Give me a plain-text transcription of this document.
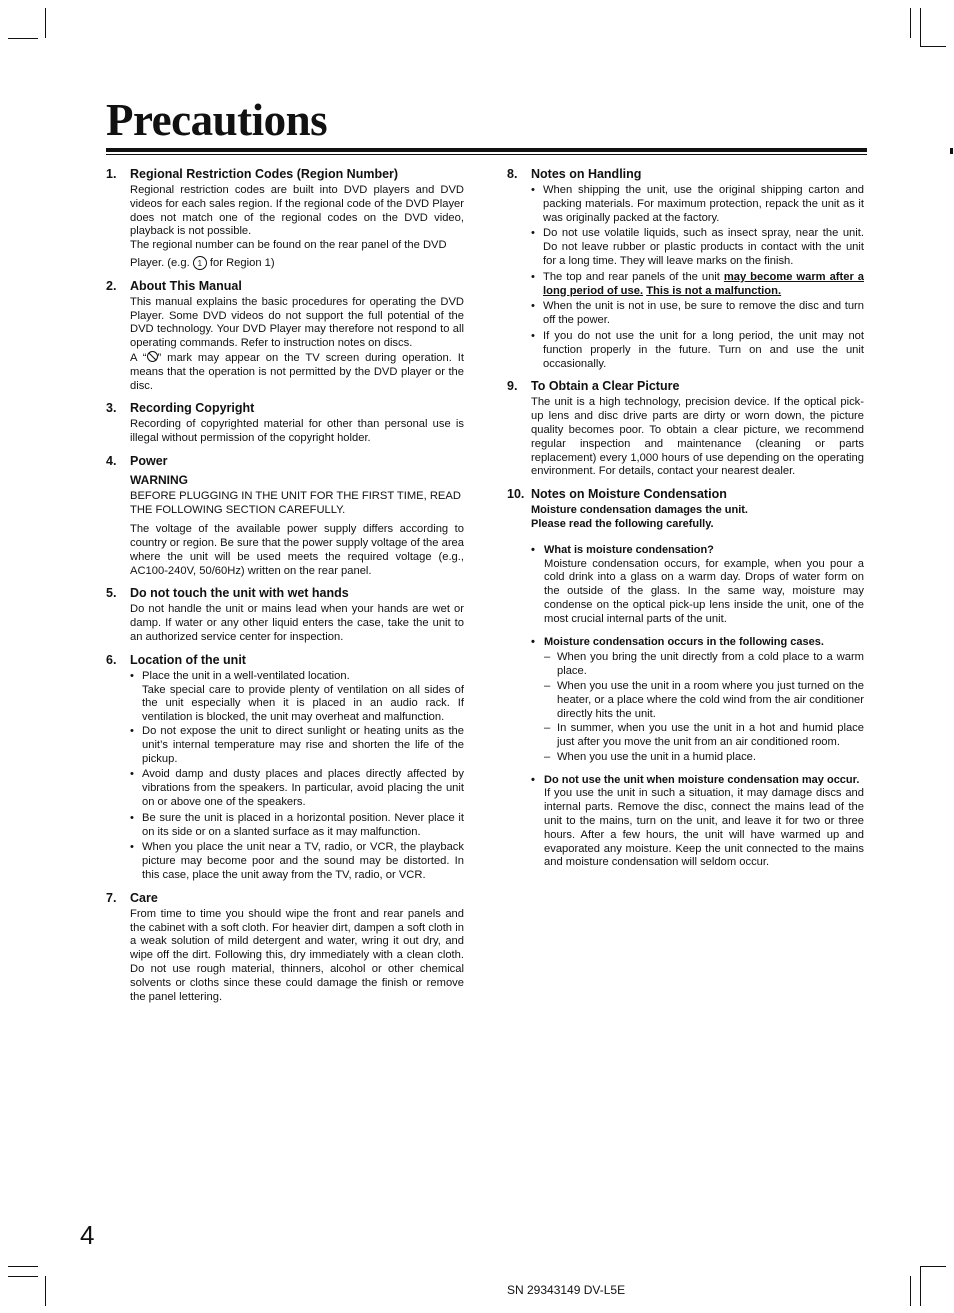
Precautions
1.	Regional Restriction Codes (Region Number)

Regional restriction codes are built into DVD players and DVD videos for each sales region. If the regional code of the DVD Player does not match one of the regional codes on the DVD video, playback is not possible.

The regional number can be found on the rear panel of the DVD

Player. (e.g. 1 for Region 1)

2.	About This Manual

This manual explains the basic procedures for operating the DVD Player. Some DVD videos do not support the full potential of the DVD technology. Your DVD Player may therefore not respond to all operating commands. Refer to instruction notes on discs.

A “ ” mark may appear on the TV screen during operation. It means that the operation is not permitted by the DVD player or the disc.

3.	Recording Copyright

Recording of copyrighted material for other than personal use is illegal without permission of the copyright holder.

4.	Power
WARNING
BEFORE PLUGGING IN THE UNIT FOR THE FIRST TIME, READ THE FOLLOWING SECTION CAREFULLY.

The voltage of the available power supply differs according to country or region. Be sure that the power supply voltage of the area where the unit will be used meets the required voltage (e.g., AC100-240V, 50/60Hz) written on the rear panel.

5.	Do not touch the unit with wet hands

Do not handle the unit or mains lead when your hands are wet or damp. If water or any other liquid enters the case, take the unit to an authorized service center for inspection.

6.	Location of the unit
• Place the unit in a well-ventilated location.
Take special care to provide plenty of ventilation on all sides of the unit especially when it is placed in an audio rack. If ventilation is blocked, the unit may overheat and malfunction.
• Do not expose the unit to direct sunlight or heating units as the unit’s internal temperature may rise and shorten the life of the pickup.
• Avoid damp and dusty places and places directly affected by vibrations from the speakers. In particular, avoid placing the unit on or above one of the speakers.
• Be sure the unit is placed in a horizontal position. Never place it on its side or on a slanted surface as it may malfunction.
• When you place the unit near a TV, radio, or VCR, the playback picture may become poor and the sound may be distorted. In this case, place the unit away from the TV, radio, or VCR.
7.	Care

From time to time you should wipe the front and rear panels and the cabinet with a soft cloth. For heavier dirt, dampen a soft cloth in a weak solution of mild detergent and water, wring it out dry, and wipe off the dirt. Following this, dry immediately with a clean cloth. Do not use rough material, thinners, alcohol or other chemical solvents or cloths since these could damage the finish or remove the panel lettering.

8.	Notes on Handling
• When shipping the unit, use the original shipping carton and packing materials. For maximum protection, repack the unit as it was originally packed at the factory.
• Do not use volatile liquids, such as insect spray, near the unit. Do not leave rubber or plastic products in contact with the unit for a long time. They will leave marks on the finish.
• The top and rear panels of the unit may become warm after a long period of use. This is not a malfunction.
• When the unit is not in use, be sure to remove the disc and turn off the power.
• If you do not use the unit for a long period, the unit may not function properly in the future. Turn on and use the unit occasionally.
9.	To Obtain a Clear Picture

The unit is a high technology, precision device. If the optical pick-up lens and disc drive parts are dirty or worn down, the picture quality becomes poor. To obtain a clear picture, we recommend regular inspection and maintenance (cleaning or parts replacement) every 1,000 hours of use depending on the operating environment. For details, contact your nearest dealer.

10. Notes on Moisture Condensation
Moisture condensation damages the unit.
Please read the following carefully.
• What is moisture condensation?
Moisture condensation occurs, for example, when you pour a cold drink into a glass on a warm day. Drops of water form on the outside of the glass. In the same way, moisture may condense on the optical pick-up lens inside the unit, one of the most crucial internal parts of the unit.
• Moisture condensation occurs in the following cases.
– When you bring the unit directly from a cold place to a warm place.
– When you use the unit in a room where you just turned on the heater, or a place where the cold wind from the air conditioner directly hits the unit.
– In summer, when you use the unit in a hot and humid place just after you move the unit from an air conditioned room.
– When you use the unit in a humid place.
• Do not use the unit when moisture condensation may occur.
If you use the unit in such a situation, it may damage discs and internal parts. Remove the disc, connect the mains lead of the unit to the mains, turn on the unit, and leave it for two or three hours. After a few hours, the unit will have warmed up and evaporated any moisture. Keep the unit connected to the mains and moisture condensation will seldom occur.
4
SN 29343149 DV-L5E
